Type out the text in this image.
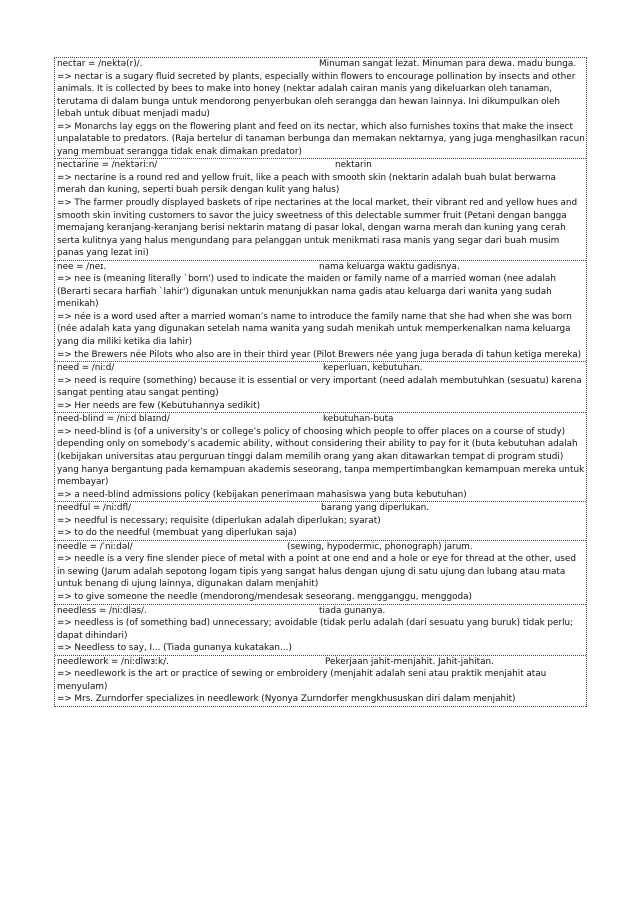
nectar = /nektə(r)/.	Minuman sangat lezat. Minuman para dewa. madu bunga.
=> nectar is a sugary fluid secreted by plants, especially within flowers to encourage pollination by insects and other animals. It is collected by bees to make into honey (nektar adalah cairan manis yang dikeluarkan oleh tanaman, terutama di dalam bunga untuk mendorong penyerbukan oleh serangga dan hewan lainnya. Ini dikumpulkan oleh lebah untuk dibuat menjadi madu)
=> Monarchs lay eggs on the flowering plant and feed on its nectar, which also furnishes toxins that make the insect unpalatable to predators. (Raja bertelur di tanaman berbunga dan memakan nektarnya, yang juga menghasilkan racun yang membuat serangga tidak enak dimakan predator)
nectarine = /nektəriːn/	nektarin
=> nectarine is a round red and yellow fruit, like a peach with smooth skin (nektarin adalah buah bulat berwarna merah dan kuning, seperti buah persik dengan kulit yang halus)
=> The farmer proudly displayed baskets of ripe nectarines at the local market, their vibrant red and yellow hues and smooth skin inviting customers to savor the juicy sweetness of this delectable summer fruit (Petani dengan bangga memajang keranjang-keranjang berisi nektarin matang di pasar lokal, dengan warna merah dan kuning yang cerah serta kulitnya yang halus mengundang para pelanggan untuk menikmati rasa manis yang segar dari buah musim panas yang lezat ini)
nee = /neɪ.	nama keluarga waktu gadisnya.
=> nee is (meaning literally `born') used to indicate the maiden or family name of a married woman (nee adalah (Berarti secara harfiah `lahir') digunakan untuk menunjukkan nama gadis atau keluarga dari wanita yang sudah menikah)
=> née is a word used after a married woman’s name to introduce the family name that she had when she was born (née adalah kata yang digunakan setelah nama wanita yang sudah menikah untuk memperkenalkan nama keluarga yang dia miliki ketika dia lahir)
=> the Brewers née Pilots who also are in their third year (Pilot Brewers née yang juga berada di tahun ketiga mereka)
need = /niːd/	keperluan, kebutuhan.
=> need is require (something) because it is essential or very important (need adalah membutuhkan (sesuatu) karena sangat penting atau sangat penting)
=> Her needs are few (Kebutuhannya sedikit)
need-blind = /niːd blaɪnd/	kebutuhan-buta
=> need-blind is (of a university’s or college’s policy of choosing which people to offer places on a course of study) depending only on somebody’s academic ability, without considering their ability to pay for it (buta kebutuhan adalah (kebijakan universitas atau perguruan tinggi dalam memilih orang yang akan ditawarkan tempat di program studi) yang hanya bergantung pada kemampuan akademis seseorang, tanpa mempertimbangkan kemampuan mereka untuk membayar)
=> a need-blind admissions policy (kebijakan penerimaan mahasiswa yang buta kebutuhan)
needful = /niːdfl/	barang yang diperlukan.
=> needful is necessary; requisite (diperlukan adalah diperlukan; syarat)
=> to do the needful (membuat yang diperlukan saja)
needle = /ˈniːdəl/	(sewing, hypodermic, phonograph) jarum.
=> needle is a very fine slender piece of metal with a point at one end and a hole or eye for thread at the other, used in sewing (Jarum adalah sepotong logam tipis yang sangat halus dengan ujung di satu ujung dan lubang atau mata untuk benang di ujung lainnya, digunakan dalam menjahit)
=> to give someone the needle (mendorong/mendesak seseorang. mengganggu, menggoda)
needless = /niːdləs/.	tiada gunanya.
=> needless is (of something bad) unnecessary; avoidable (tidak perlu adalah (dari sesuatu yang buruk) tidak perlu; dapat dihindari)
=> Needless to say, I... (Tiada gunanya kukatakan...)
needlework = /niːdlwɜːk/.	Pekerjaan jahit-menjahit. Jahit-jahitan.
=> needlework is the art or practice of sewing or embroidery (menjahit adalah seni atau praktik menjahit atau menyulam)
=> Mrs. Zurndorfer specializes in needlework (Nyonya Zurndorfer mengkhususkan diri dalam menjahit)
